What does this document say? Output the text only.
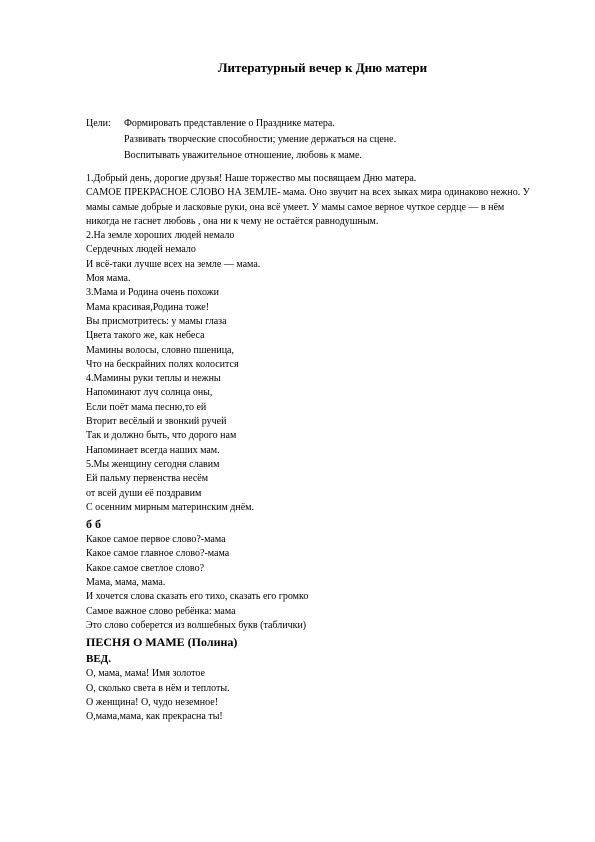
Литературный вечер к Дню матери
Цели:	Формировать представление о Празднике матера.
Развивать творческие способности; умение держаться на сцене.
Воспитывать уважительное отношение, любовь к маме.
1.Добрый день, дорогие друзья! Наше торжество мы посвящаем Дню матера.
САМОЕ ПРЕКРАСНОЕ СЛОВО НА ЗЕМЛЕ- мама. Оно звучит на всех зыках мира одинаково нежно. У мамы самые добрые и ласковые руки, она всё умеет. У мамы самое верное чуткое сердце — в нём никогда не гаснет любовь , она ни к чему не остаётся равнодушным.
2.На земле хороших людей немало
Сердечных людей немало
И всё-таки лучше всех на земле — мама.
Моя мама.
3.Мама и Родина очень похожи
Мама красивая,Родина тоже!
Вы присмотритесь: у мамы глаза
Цвета такого же, как небеса
Мамины волосы, словно пшеница,
Что на бескрайних полях колосится
4.Мамины руки теплы и нежны
Напоминают луч солнца оны,
Если поёт мама песню,то ей
Вторит весёлый и звонкий ручей
Так и должно быть, что дорого нам
Напоминает всегда наших мам.
5.Мы женщину сегодня славим
Ей пальму первенства несём
от всей души её поздравим
С осенним мирным материнским днём.
б б
Какое самое первое слово?-мама
Какое самое главное слово?-мама
Какое самое светлое слово?
Мама, мама, мама.
И хочется слова сказать его тихо, сказать его громко
Самое важное слово ребёнка: мама
Это слово соберется из волшебных букв (таблички)
ПЕСНЯ О МАМЕ (Полина)
ВЕД.
О, мама, мама! Имя золотое
О, сколько света в нём и теплоты.
О женщина! О, чудо неземное!
О,мама,мама, как прекрасна ты!
